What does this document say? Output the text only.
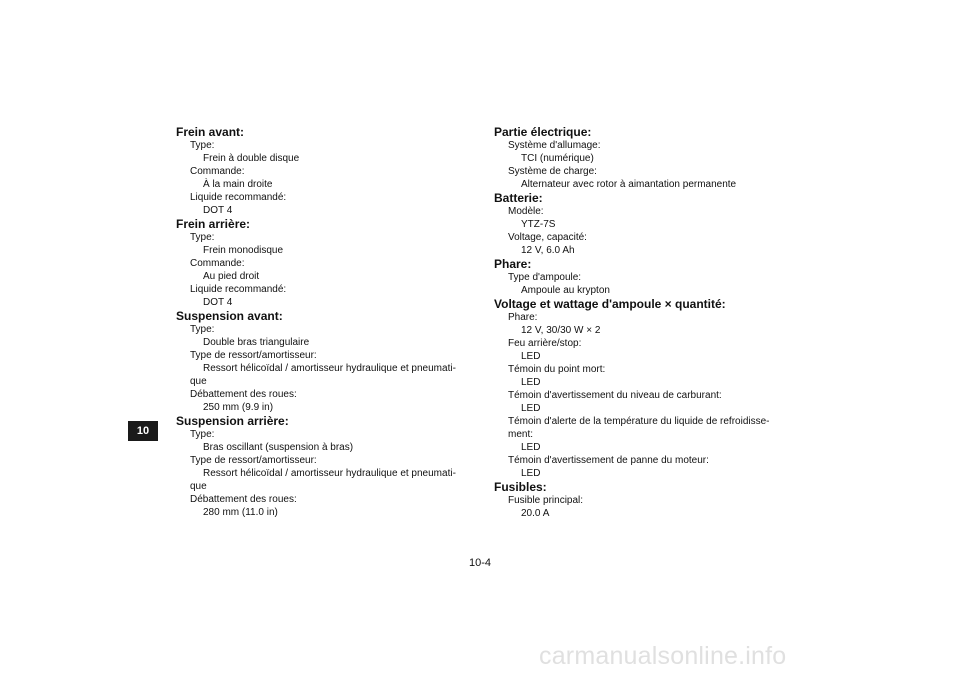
10
Frein avant:
Type:
Frein à double disque
Commande:
À la main droite
Liquide recommandé:
DOT 4
Frein arrière:
Type:
Frein monodisque
Commande:
Au pied droit
Liquide recommandé:
DOT 4
Suspension avant:
Type:
Double bras triangulaire
Type de ressort/amortisseur:
Ressort hélicoïdal / amortisseur hydraulique et pneumati-
que
Débattement des roues:
250 mm (9.9 in)
Suspension arrière:
Type:
Bras oscillant (suspension à bras)
Type de ressort/amortisseur:
Ressort hélicoïdal / amortisseur hydraulique et pneumati-
que
Débattement des roues:
280 mm (11.0 in)
Partie électrique:
Système d'allumage:
TCI (numérique)
Système de charge:
Alternateur avec rotor à aimantation permanente
Batterie:
Modèle:
YTZ-7S
Voltage, capacité:
12 V, 6.0 Ah
Phare:
Type d'ampoule:
Ampoule au krypton
Voltage et wattage d'ampoule × quantité:
Phare:
12 V, 30/30 W × 2
Feu arrière/stop:
LED
Témoin du point mort:
LED
Témoin d'avertissement du niveau de carburant:
LED
Témoin d'alerte de la température du liquide de refroidisse-
ment:
LED
Témoin d'avertissement de panne du moteur:
LED
Fusibles:
Fusible principal:
20.0 A
10-4
carmanualsonline.info
